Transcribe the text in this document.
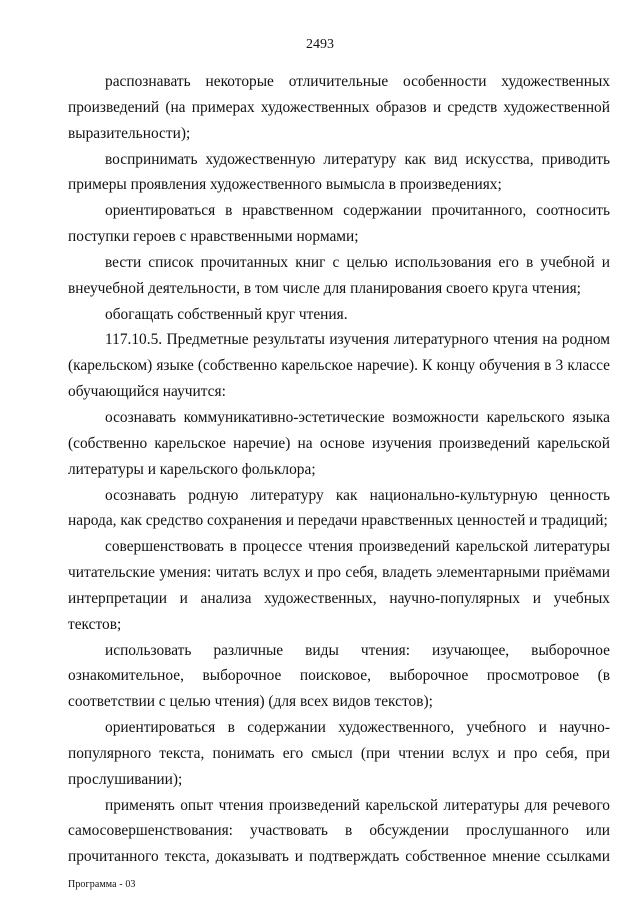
2493

распознавать некоторые отличительные особенности художественных произведений (на примерах художественных образов и средств художественной выразительности);

воспринимать художественную литературу как вид искусства, приводить примеры проявления художественного вымысла в произведениях;

ориентироваться в нравственном содержании прочитанного, соотносить поступки героев с нравственными нормами;

вести список прочитанных книг с целью использования его в учебной и внеучебной деятельности, в том числе для планирования своего круга чтения;

обогащать собственный круг чтения.

117.10.5. Предметные результаты изучения литературного чтения на родном (карельском) языке (собственно карельское наречие). К концу обучения в 3 классе обучающийся научится:

осознавать коммуникативно-эстетические возможности карельского языка (собственно карельское наречие) на основе изучения произведений карельской литературы и карельского фольклора;

осознавать родную литературу как национально-культурную ценность народа, как средство сохранения и передачи нравственных ценностей и традиций;

совершенствовать в процессе чтения произведений карельской литературы читательские умения: читать вслух и про себя, владеть элементарными приёмами интерпретации и анализа художественных, научно-популярных и учебных текстов;

использовать различные виды чтения: изучающее, выборочное ознакомительное, выборочное поисковое, выборочное просмотровое (в соответствии с целью чтения) (для всех видов текстов);

ориентироваться в содержании художественного, учебного и научно-популярного текста, понимать его смысл (при чтении вслух и про себя, при прослушивании);

применять опыт чтения произведений карельской литературы для речевого самосовершенствования: участвовать в обсуждении прослушанного или прочитанного текста, доказывать и подтверждать собственное мнение ссылками

Программа - 03
